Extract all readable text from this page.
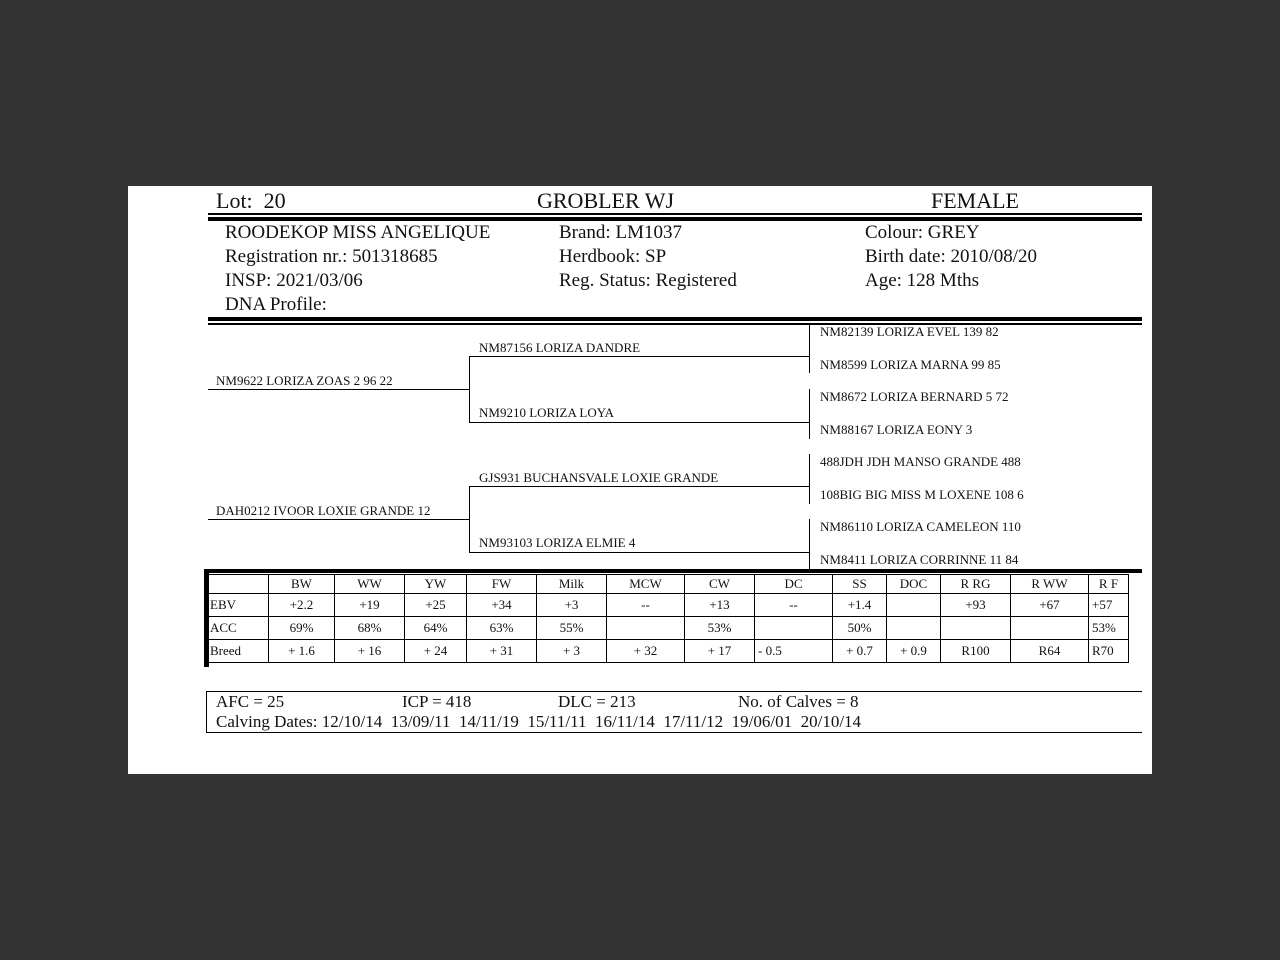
Lot: 20	GROBLER WJ	FEMALE
ROODEKOP MISS ANGELIQUE
Registration nr.: 501318685
INSP: 2021/03/06
DNA Profile:
Brand: LM1037
Herdbook: SP
Reg. Status: Registered
Colour: GREY
Birth date: 2010/08/20
Age: 128 Mths
NM9622 LORIZA ZOAS 2 96 22
NM87156 LORIZA DANDRE
NM9210 LORIZA LOYA
DAH0212 IVOOR LOXIE GRANDE 12
GJS931 BUCHANSVALE LOXIE GRANDE
NM93103 LORIZA ELMIE 4
NM82139 LORIZA EVEL 139 82
NM8599 LORIZA MARNA 99 85
NM8672 LORIZA BERNARD 5 72
NM88167 LORIZA EONY 3
488JDH JDH MANSO GRANDE 488
108BIG BIG MISS M LOXENE 108 6
NM86110 LORIZA CAMELEON 110
NM8411 LORIZA CORRINNE 11 84
	BW	WW	YW	FW	Milk	MCW	CW	DC	SS	DOC	R RG	R WW	R F
EBV	+2.2	+19	+25	+34	+3	--	+13	--	+1.4		+93	+67	+57
ACC	69%	68%	64%	63%	55%		53%		50%				53%
Breed	+ 1.6	+ 16	+ 24	+ 31	+ 3	+ 32	+ 17	- 0.5	+ 0.7	+ 0.9	R100	R64	R70
AFC = 25	ICP = 418	DLC = 213	No. of Calves = 8
Calving Dates: 12/10/14  13/09/11  14/11/19  15/11/11  16/11/14  17/11/12  19/06/01  20/10/14
